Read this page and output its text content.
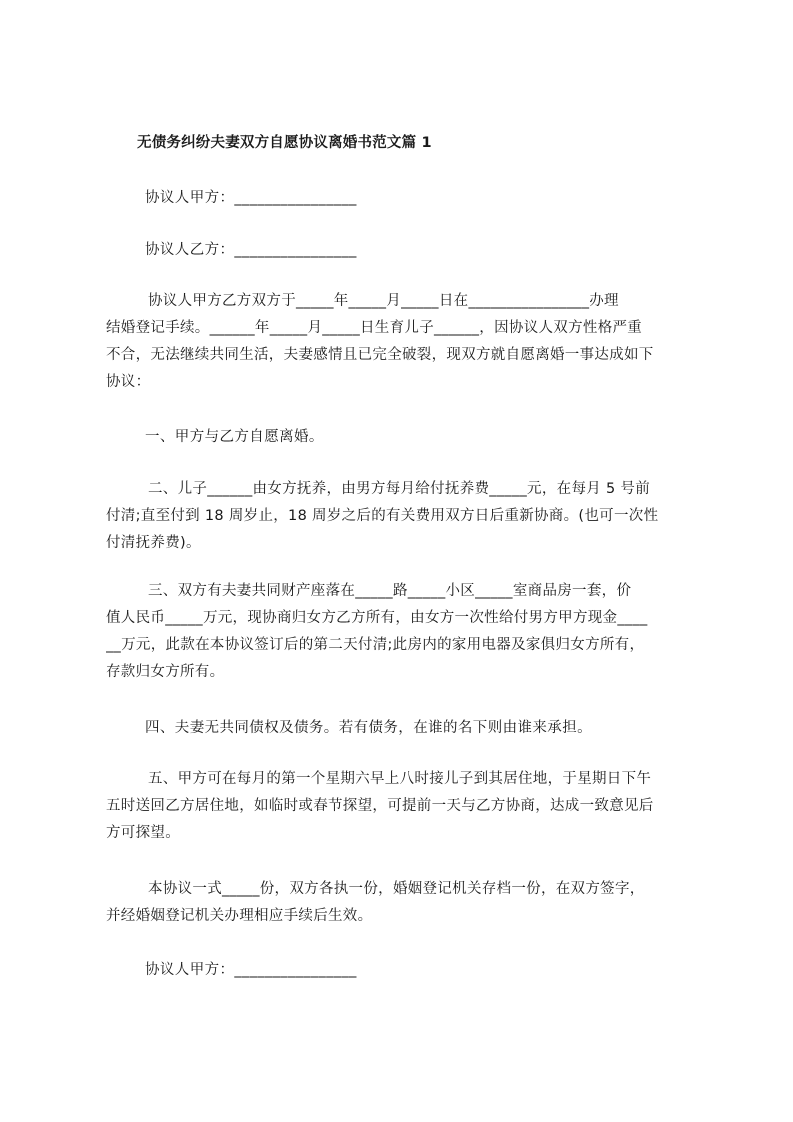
无债务纠纷夫妻双方自愿协议离婚书范文篇 1
协议人甲方：________________
协议人乙方：________________
协议人甲方乙方双方于_____年_____月_____日在________________办理
结婚登记手续。______年_____月_____日生育儿子______，因协议人双方性格严重
不合，无法继续共同生活，夫妻感情且已完全破裂，现双方就自愿离婚一事达成如下
协议：
一、甲方与乙方自愿离婚。
二、儿子______由女方抚养，由男方每月给付抚养费_____元，在每月 5 号前
付清;直至付到 18 周岁止，18 周岁之后的有关费用双方日后重新协商。(也可一次性
付清抚养费)。
三、双方有夫妻共同财产座落在_____路_____小区_____室商品房一套，价
值人民币_____万元，现协商归女方乙方所有，由女方一次性给付男方甲方现金____
__万元，此款在本协议签订后的第二天付清;此房内的家用电器及家俱归女方所有，
存款归女方所有。
四、夫妻无共同债权及债务。若有债务，在谁的名下则由谁来承担。
五、甲方可在每月的第一个星期六早上八时接儿子到其居住地，于星期日下午
五时送回乙方居住地，如临时或春节探望，可提前一天与乙方协商，达成一致意见后
方可探望。
本协议一式_____份，双方各执一份，婚姻登记机关存档一份，在双方签字，
并经婚姻登记机关办理相应手续后生效。
协议人甲方：________________
